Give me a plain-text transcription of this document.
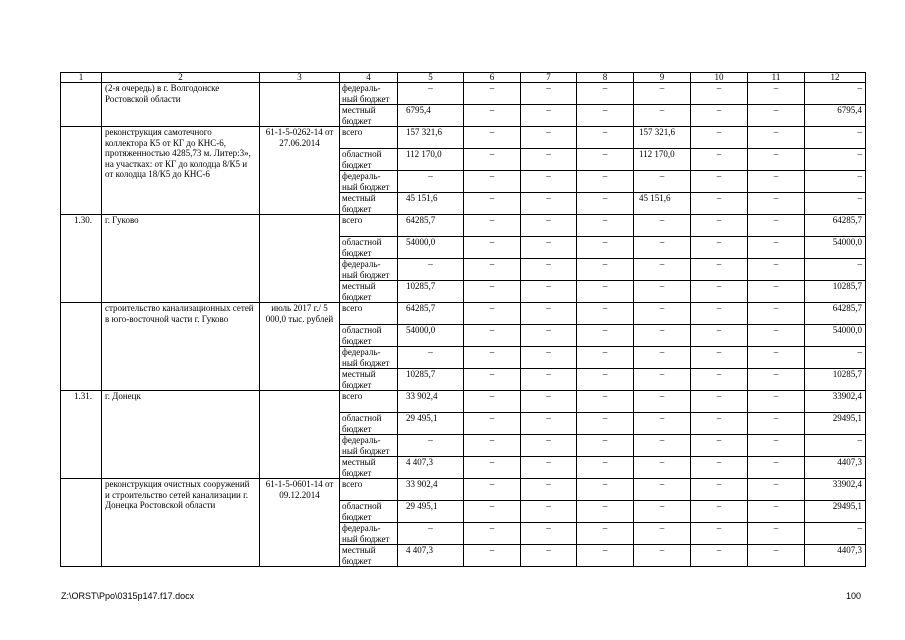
1	2	3	4	5	6	7	8	9	10	11	12
	(2-я очередь) в г. Волгодонске Ростовской области		федераль-ный бюджет	–	–	–	–	–	–	–	–
			местный бюджет	6795,4	–	–	–	–	–	–	6795,4
	реконструкция самотечного коллектора К5 от КГ до КНС-6, протяженностью 4285,73 м. Литер:3», на участках: от КГ до колодца 8/К5 и от колодца 18/К5 до КНС-6	61-1-5-0262-14 от 27.06.2014	всего	157 321,6	–	–	–	157 321,6	–	–	–
			областной бюджет	112 170,0	–	–	–	112 170,0	–	–	–
			федераль-ный бюджет	–	–	–	–	–	–	–	–
			местный бюджет	45 151,6	–	–	–	45 151,6	–	–	–
1.30.	г. Гуково		всего	64285,7	–	–	–	–	–	–	64285,7
			областной бюджет	54000,0	–	–	–	–	–	–	54000,0
			федераль-ный бюджет	–	–	–	–	–	–	–	–
			местный бюджет	10285,7	–	–	–	–	–	–	10285,7
	строительство канализационных сетей в юго-восточной части г. Гуково	июль 2017 г./ 5 000,0 тыс. рублей	всего	64285,7	–	–	–	–	–	–	64285,7
			областной бюджет	54000,0	–	–	–	–	–	–	54000,0
			федераль-ный бюджет	–	–	–	–	–	–	–	–
			местный бюджет	10285,7	–	–	–	–	–	–	10285,7
1.31.	г. Донецк		всего	33 902,4	–	–	–	–	–	–	33902,4
			областной бюджет	29 495,1	–	–	–	–	–	–	29495,1
			федераль-ный бюджет	–	–	–	–	–	–	–	–
			местный бюджет	4 407,3	–	–	–	–	–	–	4407,3
	реконструкция очистных сооружений и строительство сетей канализации г. Донецка Ростовской области	61-1-5-0601-14 от 09.12.2014	всего	33 902,4	–	–	–	–	–	–	33902,4
			областной бюджет	29 495,1	–	–	–	–	–	–	29495,1
			федераль-ный бюджет	–	–	–	–	–	–	–	–
			местный бюджет	4 407,3	–	–	–	–	–	–	4407,3
Z:\ORST\Ppo\0315p147.f17.docx	100
